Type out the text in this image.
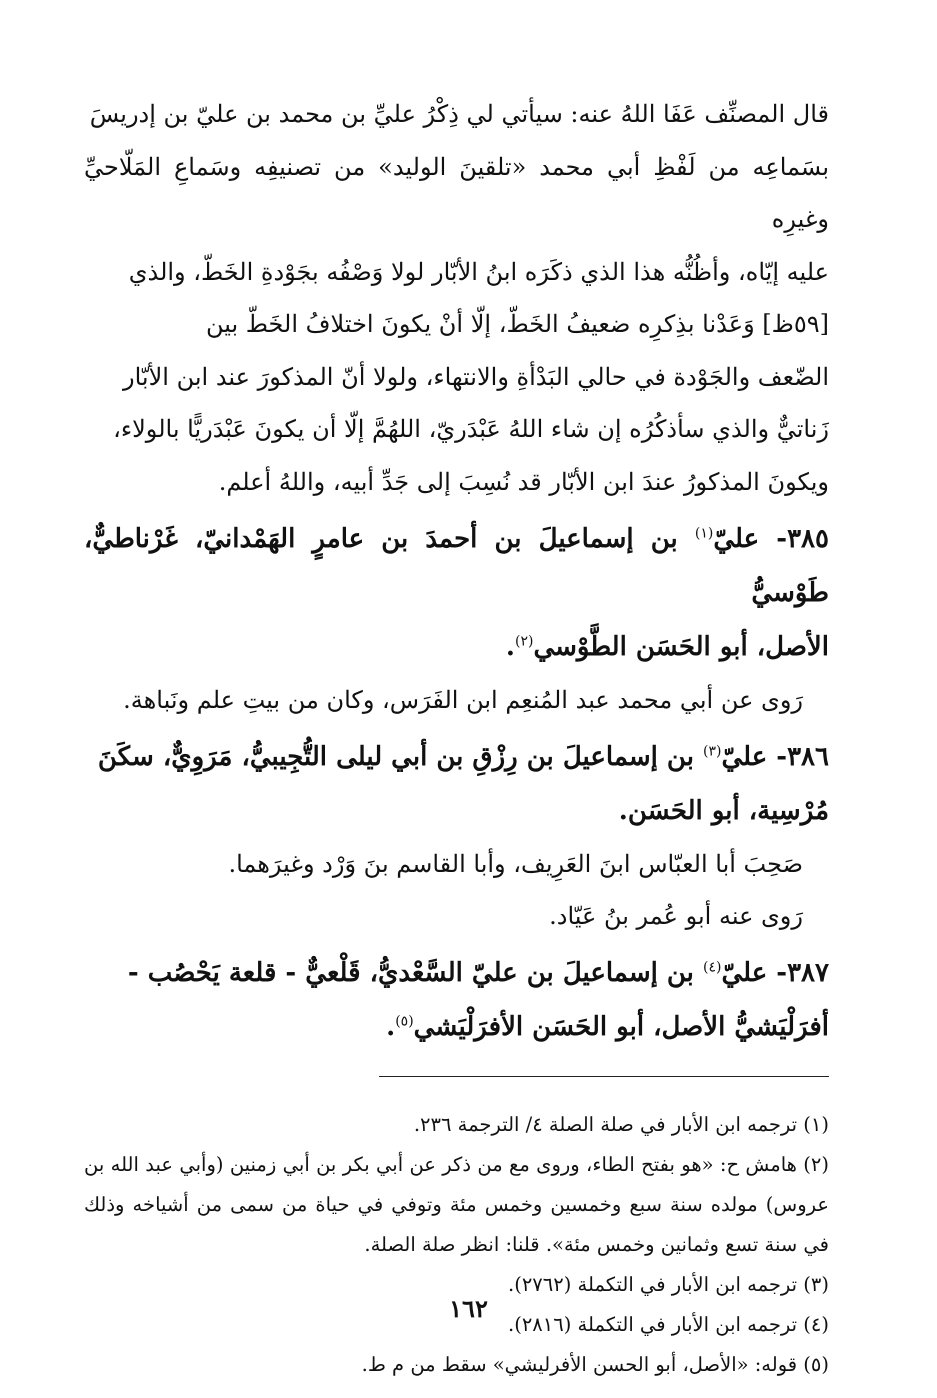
قال المصنِّف عَفَا اللهُ عنه: سيأتي لي ذِكْرُ عليِّ بن محمد بن عليّ بن إدريسَ

بسَماعِه من لَفْظِ أبي محمد «تلقينَ الوليد» من تصنيفِه وسَماعِ المَلّاحيِّ وغيرِه

عليه إيّاه، وأظُنُّه هذا الذي ذكَرَه ابنُ الأبّار لولا وَصْفُه بجَوْدةِ الخَطّ، والذي

[٥٩ظ] وَعَدْنا بذِكرِه ضعيفُ الخَطّ، إلّا أنْ يكونَ اختلافُ الخَطّ بين

الضّعف والجَوْدة في حالي البَدْأةِ والانتهاء، ولولا أنّ المذكورَ عند ابن الأبّار

زَناتيٌّ والذي سأذكُرُه إن شاء اللهُ عَبْدَريّ، اللهُمَّ إلّا أن يكونَ عَبْدَريًّا بالولاء،

ويكونَ المذكورُ عندَ ابن الأبّار قد نُسِبَ إلى جَدِّ أبيه، واللهُ أعلم.

٣٨٥- عليّ$^{(١)}$ بن إسماعيلَ بن أحمدَ بن عامرٍ الهَمْدانيّ، غَرْناطيٌّ، طَوْسيُّ

الأصل، أبو الحَسَن الطَّوْسي$^{(٢)}$.

رَوى عن أبي محمد عبد المُنعِم ابن الفَرَس، وكان من بيتِ علم ونَباهة.

٣٨٦- عليّ$^{(٣)}$ بن إسماعيلَ بن رِزْقِ بن أبي ليلى التُّجِيبيُّ، مَرَوِيٌّ، سكَنَ

مُرْسِية، أبو الحَسَن.

صَحِبَ أبا العبّاس ابنَ العَرِيف، وأبا القاسم بنَ وَرْد وغيرَهما.

رَوى عنه أبو عُمر بنُ عَيّاد.

٣٨٧- عليّ$^{(٤)}$ بن إسماعيلَ بن عليّ السَّعْديُّ، قَلْعيٌّ - قلعة يَحْصُب -

أفرَلْيَشيُّ الأصل، أبو الحَسَن الأفرَلْيَشي$^{(٥)}$.

(١) ترجمه ابن الأبار في صلة الصلة ٤/ الترجمة ٢٣٦.

(٢) هامش ح: «هو بفتح الطاء، وروى مع من ذكر عن أبي بكر بن أبي زمنين (وأبي عبد الله بن عروس) مولده سنة سبع وخمسين وخمس مئة وتوفي في حياة من سمى من أشياخه وذلك في سنة تسع وثمانين وخمس مئة». قلنا: انظر صلة الصلة.

(٣) ترجمه ابن الأبار في التكملة (٢٧٦٢).

(٤) ترجمه ابن الأبار في التكملة (٢٨١٦).

(٥) قوله: «الأصل، أبو الحسن الأفرليشي» سقط من م ط.

١٦٢
